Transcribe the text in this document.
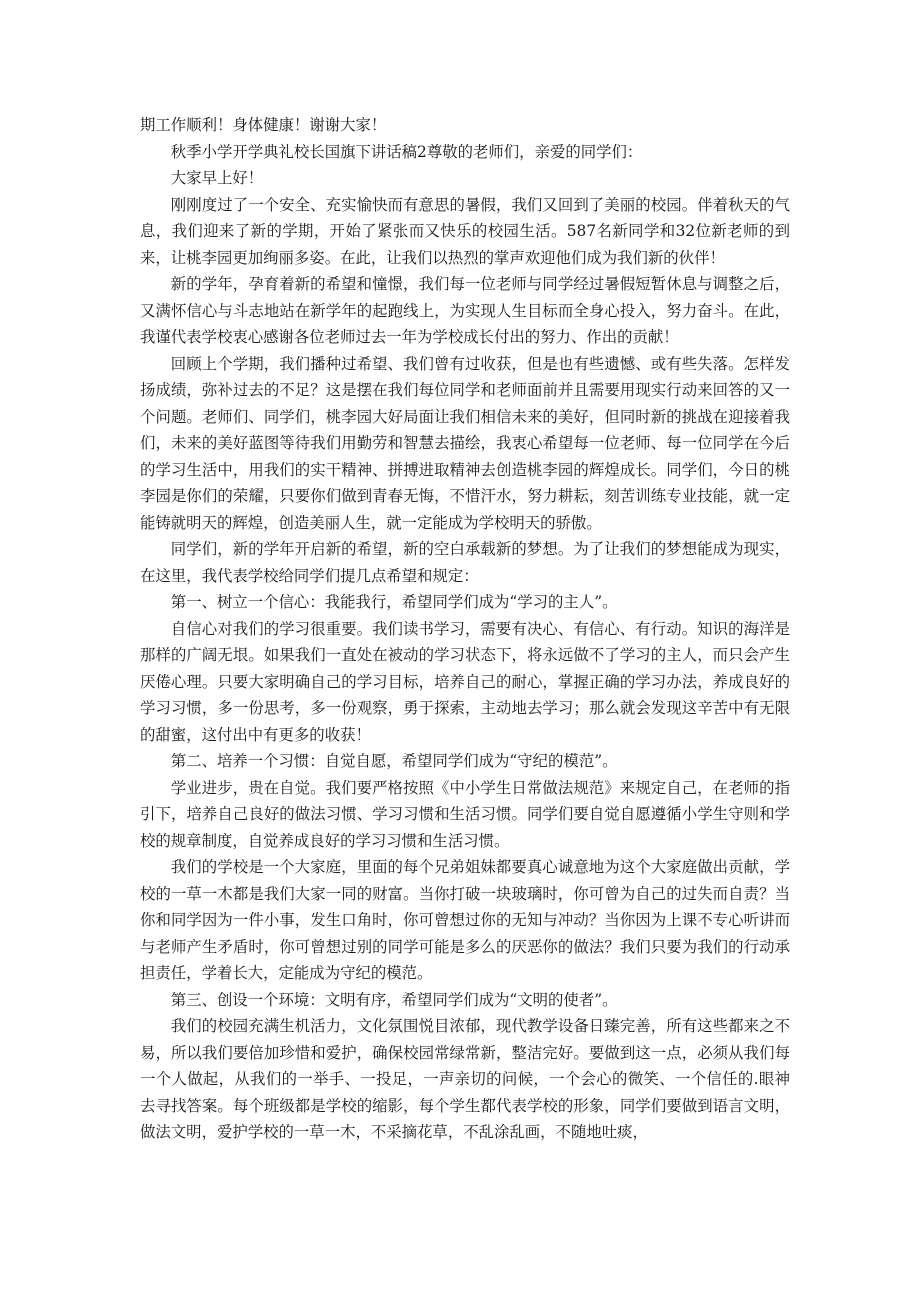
期工作顺利！身体健康！谢谢大家！

秋季小学开学典礼校长国旗下讲话稿2尊敬的老师们，亲爱的同学们：

大家早上好！

刚刚度过了一个安全、充实愉快而有意思的暑假，我们又回到了美丽的校园。伴着秋天的气息，我们迎来了新的学期，开始了紧张而又快乐的校园生活。587名新同学和32位新老师的到来，让桃李园更加绚丽多姿。在此，让我们以热烈的掌声欢迎他们成为我们新的伙伴！

新的学年，孕育着新的希望和憧憬，我们每一位老师与同学经过暑假短暂休息与调整之后，又满怀信心与斗志地站在新学年的起跑线上，为实现人生目标而全身心投入，努力奋斗。在此，我谨代表学校衷心感谢各位老师过去一年为学校成长付出的努力、作出的贡献！

回顾上个学期，我们播种过希望、我们曾有过收获，但是也有些遗憾、或有些失落。怎样发扬成绩，弥补过去的不足？这是摆在我们每位同学和老师面前并且需要用现实行动来回答的又一个问题。老师们、同学们，桃李园大好局面让我们相信未来的美好，但同时新的挑战在迎接着我们，未来的美好蓝图等待我们用勤劳和智慧去描绘，我衷心希望每一位老师、每一位同学在今后的学习生活中，用我们的实干精神、拼搏进取精神去创造桃李园的辉煌成长。同学们，今日的桃李园是你们的荣耀，只要你们做到青春无悔，不惜汗水，努力耕耘，刻苦训练专业技能，就一定能铸就明天的辉煌，创造美丽人生，就一定能成为学校明天的骄傲。

同学们，新的学年开启新的希望，新的空白承载新的梦想。为了让我们的梦想能成为现实，在这里，我代表学校给同学们提几点希望和规定：

第一、树立一个信心：我能我行，希望同学们成为“学习的主人”。

自信心对我们的学习很重要。我们读书学习，需要有决心、有信心、有行动。知识的海洋是那样的广阔无垠。如果我们一直处在被动的学习状态下，将永远做不了学习的主人，而只会产生厌倦心理。只要大家明确自己的学习目标，培养自己的耐心，掌握正确的学习办法，养成良好的学习习惯，多一份思考，多一份观察，勇于探索，主动地去学习；那么就会发现这辛苦中有无限的甜蜜，这付出中有更多的收获！

第二、培养一个习惯：自觉自愿，希望同学们成为“守纪的模范”。

学业进步，贵在自觉。我们要严格按照《中小学生日常做法规范》来规定自己，在老师的指引下，培养自己良好的做法习惯、学习习惯和生活习惯。同学们要自觉自愿遵循小学生守则和学校的规章制度，自觉养成良好的学习习惯和生活习惯。

我们的学校是一个大家庭，里面的每个兄弟姐妹都要真心诚意地为这个大家庭做出贡献，学校的一草一木都是我们大家一同的财富。当你打破一块玻璃时，你可曾为自己的过失而自责？当你和同学因为一件小事，发生口角时，你可曾想过你的无知与冲动？当你因为上课不专心听讲而与老师产生矛盾时，你可曾想过别的同学可能是多么的厌恶你的做法？我们只要为我们的行动承担责任，学着长大，定能成为守纪的模范。

第三、创设一个环境：文明有序，希望同学们成为“文明的使者”。

我们的校园充满生机活力，文化氛围悦目浓郁，现代教学设备日臻完善，所有这些都来之不易，所以我们要倍加珍惜和爱护，确保校园常绿常新，整洁完好。要做到这一点，必须从我们每一个人做起，从我们的一举手、一投足，一声亲切的问候，一个会心的微笑、一个信任的.眼神去寻找答案。每个班级都是学校的缩影，每个学生都代表学校的形象，同学们要做到语言文明，做法文明，爱护学校的一草一木，不采摘花草，不乱涂乱画，不随地吐痰，
